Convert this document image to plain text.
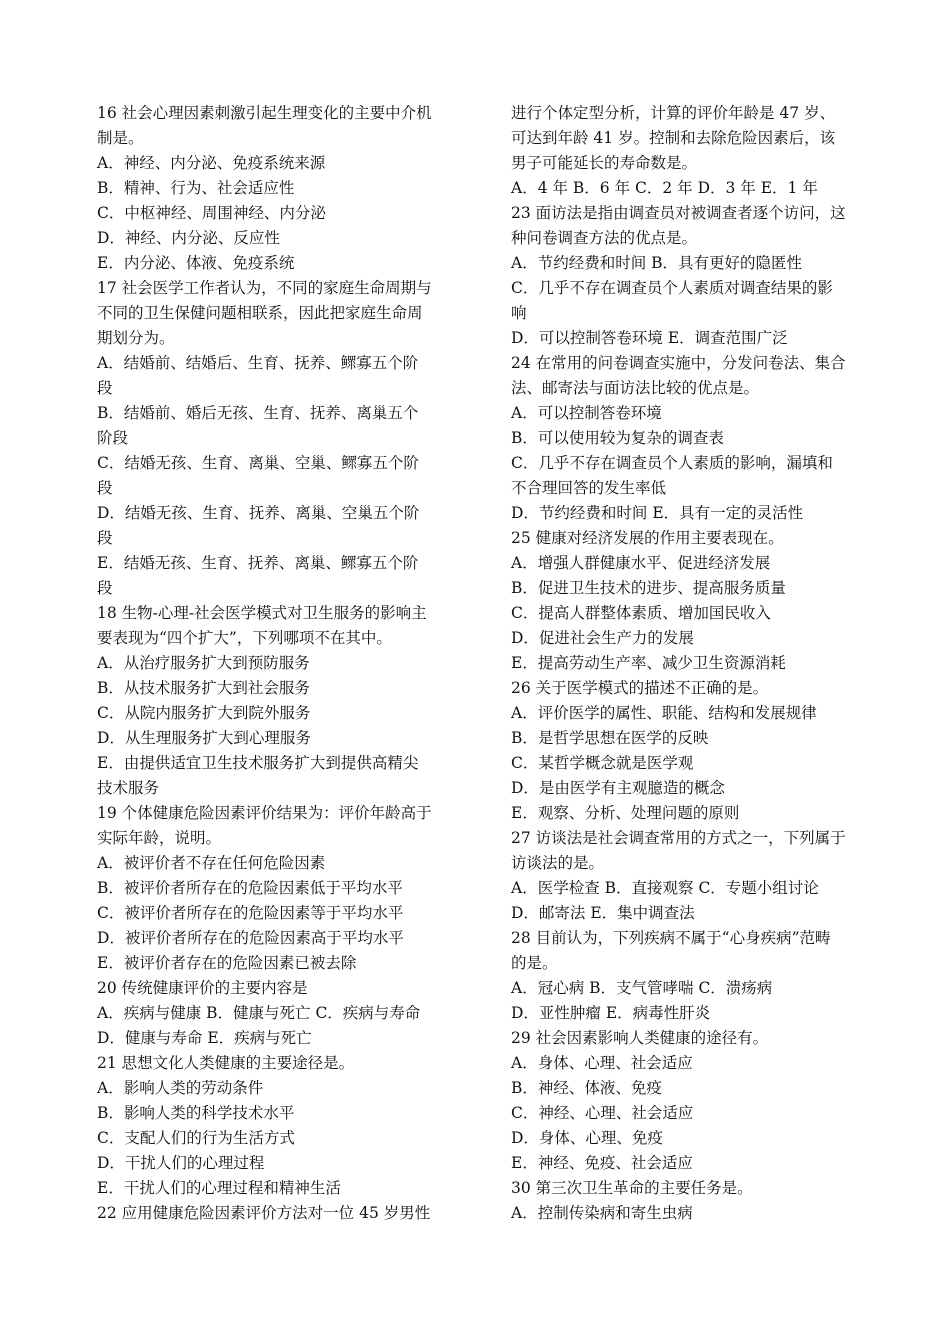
16 社会心理因素刺激引起生理变化的主要中介机
制是。
A．神经、内分泌、免疫系统来源
B．精神、行为、社会适应性
C．中枢神经、周围神经、内分泌
D．神经、内分泌、反应性
E．内分泌、体液、免疫系统
17 社会医学工作者认为，不同的家庭生命周期与
不同的卫生保健问题相联系，因此把家庭生命周
期划分为。
A．结婚前、结婚后、生育、抚养、鳏寡五个阶
段
B．结婚前、婚后无孩、生育、抚养、离巢五个
阶段
C．结婚无孩、生育、离巢、空巢、鳏寡五个阶
段
D．结婚无孩、生育、抚养、离巢、空巢五个阶
段
E．结婚无孩、生育、抚养、离巢、鳏寡五个阶
段
18 生物-心理-社会医学模式对卫生服务的影响主
要表现为“四个扩大”，下列哪项不在其中。
A．从治疗服务扩大到预防服务
B．从技术服务扩大到社会服务
C．从院内服务扩大到院外服务
D．从生理服务扩大到心理服务
E．由提供适宜卫生技术服务扩大到提供高精尖
技术服务
19 个体健康危险因素评价结果为：评价年龄高于
实际年龄，说明。
A．被评价者不存在任何危险因素
B．被评价者所存在的危险因素低于平均水平
C．被评价者所存在的危险因素等于平均水平
D．被评价者所存在的危险因素高于平均水平
E．被评价者存在的危险因素已被去除
20 传统健康评价的主要内容是
A．疾病与健康 B．健康与死亡 C．疾病与寿命
D．健康与寿命 E．疾病与死亡
21 思想文化人类健康的主要途径是。
A．影响人类的劳动条件
B．影响人类的科学技术水平
C．支配人们的行为生活方式
D．干扰人们的心理过程
E．干扰人们的心理过程和精神生活
22 应用健康危险因素评价方法对一位 45 岁男性
进行个体定型分析，计算的评价年龄是 47 岁、
可达到年龄 41 岁。控制和去除危险因素后，该
男子可能延长的寿命数是。
A．4 年 B．6 年 C．2 年 D．3 年 E．1 年
23 面访法是指由调查员对被调查者逐个访问，这
种问卷调查方法的优点是。
A．节约经费和时间 B．具有更好的隐匿性
C．几乎不存在调查员个人素质对调查结果的影
响
D．可以控制答卷环境 E．调查范围广泛
24 在常用的问卷调查实施中，分发问卷法、集合
法、邮寄法与面访法比较的优点是。
A．可以控制答卷环境
B．可以使用较为复杂的调查表
C．几乎不存在调查员个人素质的影响，漏填和
不合理回答的发生率低
D．节约经费和时间 E．具有一定的灵活性
25 健康对经济发展的作用主要表现在。
A．增强人群健康水平、促进经济发展
B．促进卫生技术的进步、提高服务质量
C．提高人群整体素质、增加国民收入
D．促进社会生产力的发展
E．提高劳动生产率、减少卫生资源消耗
26 关于医学模式的描述不正确的是。
A．评价医学的属性、职能、结构和发展规律
B．是哲学思想在医学的反映
C．某哲学概念就是医学观
D．是由医学有主观臆造的概念
E．观察、分析、处理问题的原则
27 访谈法是社会调查常用的方式之一，下列属于
访谈法的是。
A．医学检查 B．直接观察 C．专题小组讨论
D．邮寄法 E．集中调查法
28 目前认为，下列疾病不属于“心身疾病”范畴
的是。
A．冠心病 B．支气管哮喘 C．溃疡病
D．亚性肿瘤 E．病毒性肝炎
29 社会因素影响人类健康的途径有。
A．身体、心理、社会适应
B．神经、体液、免疫
C．神经、心理、社会适应
D．身体、心理、免疫
E．神经、免疫、社会适应
30 第三次卫生革命的主要任务是。
A．控制传染病和寄生虫病
